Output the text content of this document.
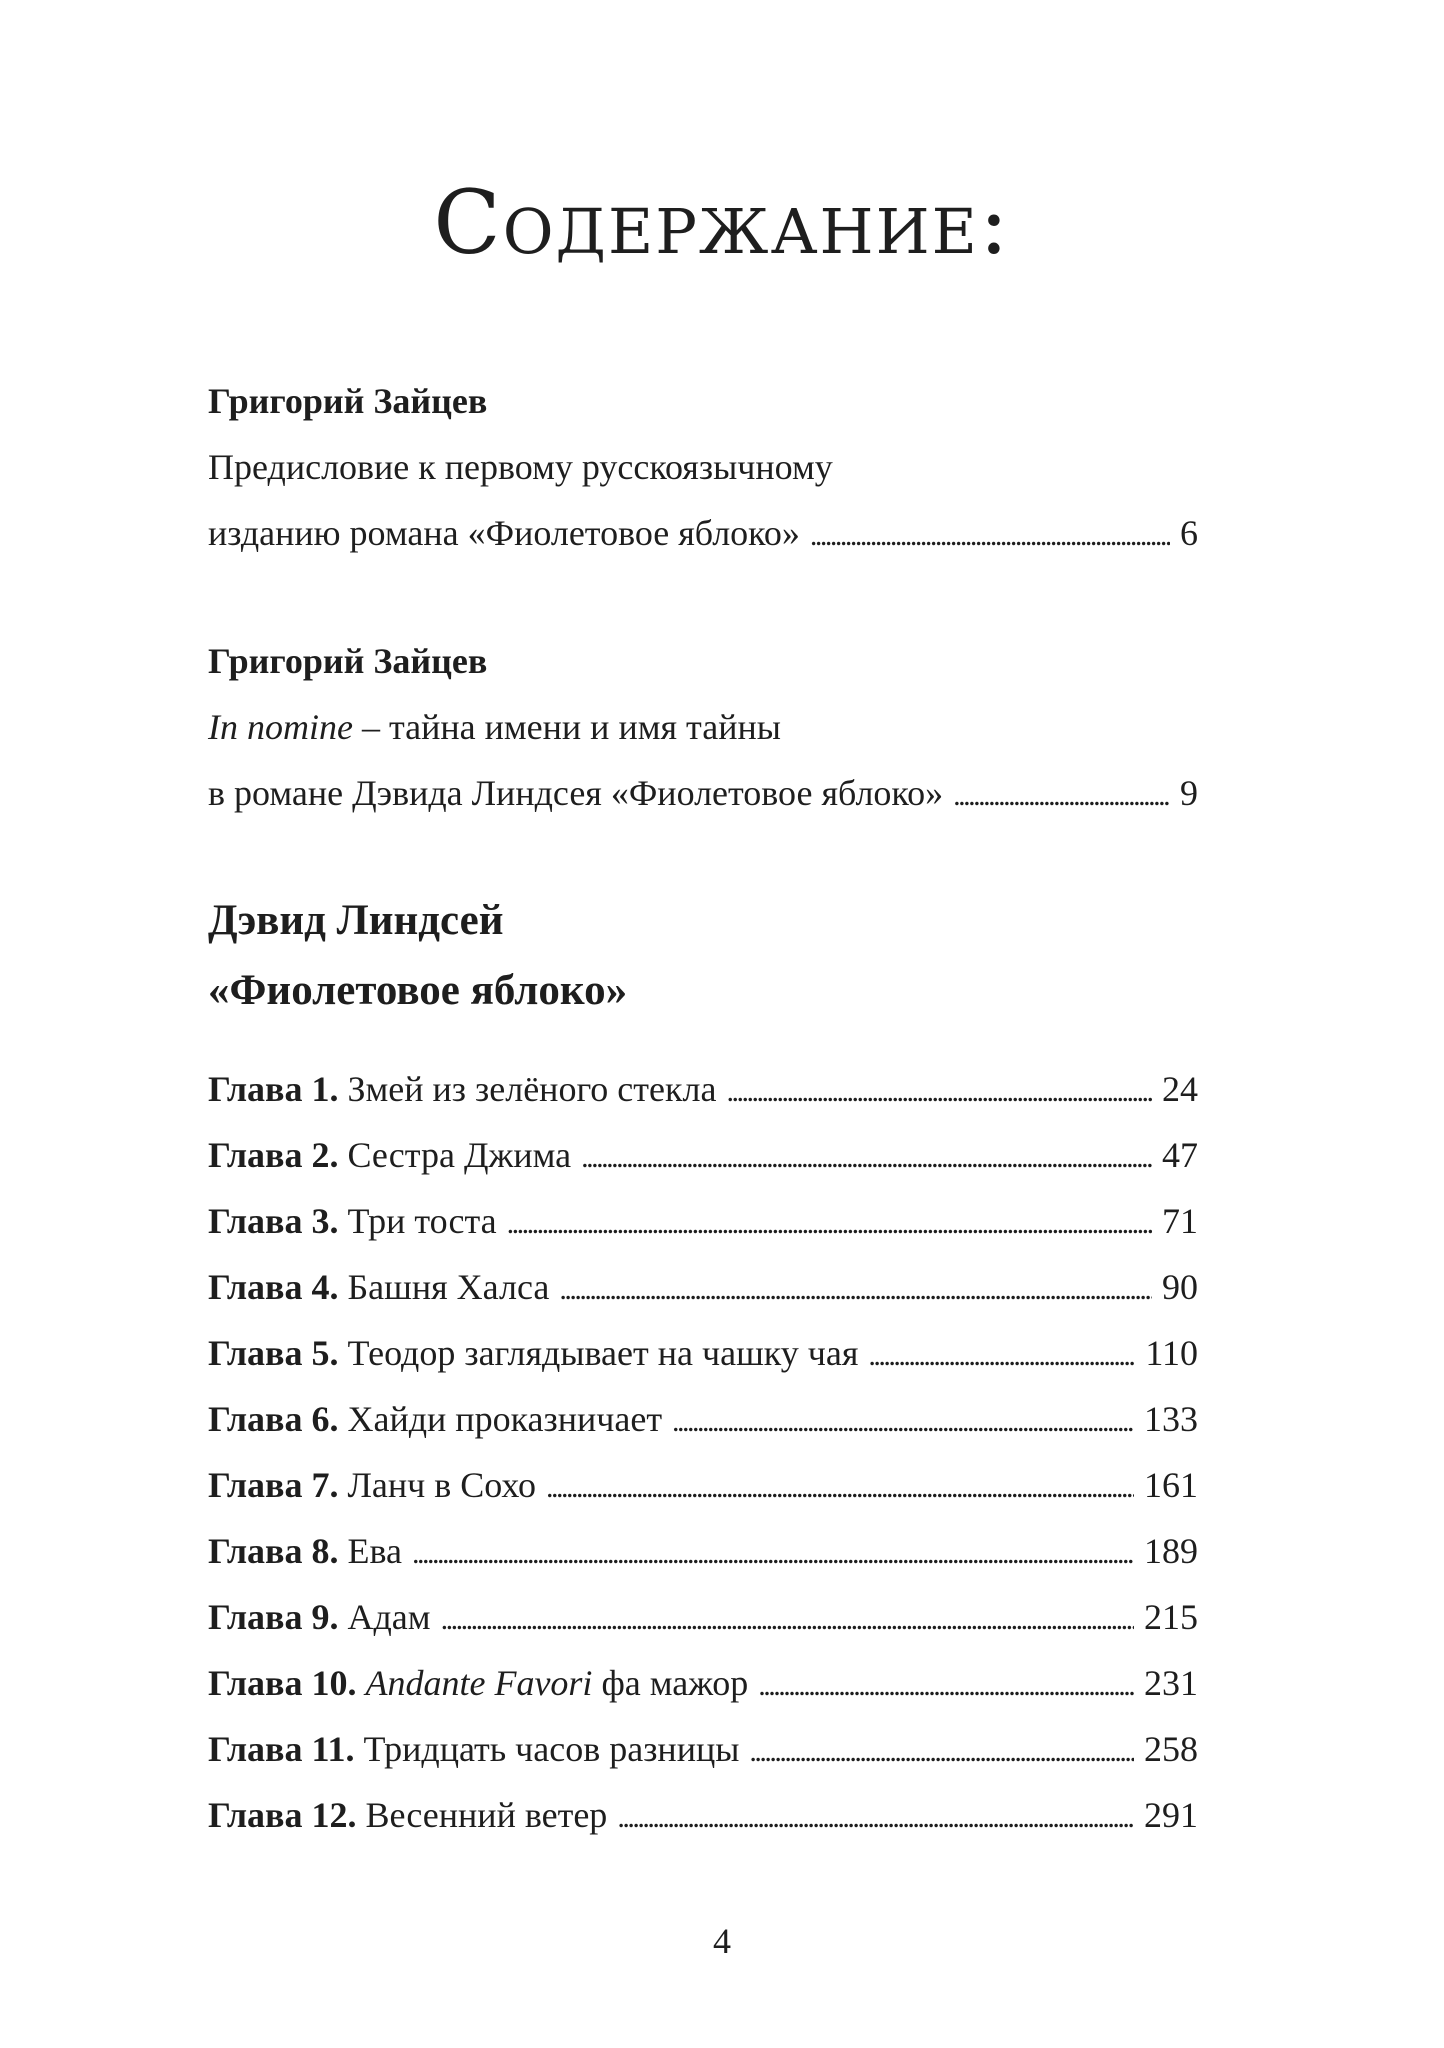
Содержание:
Григорий Зайцев
Предисловие к первому русскоязычному
изданию романа «Фиолетовое яблоко» . . .	6
Григорий Зайцев
In nomine – тайна имени и имя тайны
в романе Дэвида Линдсея «Фиолетовое яблоко» . . .	9
Дэвид Линдсей
«Фиолетовое яблоко»
Глава 1. Змей из зелёного стекла . . .	24
Глава 2. Сестра Джима . . .	47
Глава 3. Три тоста . . .	71
Глава 4. Башня Халса . . .	90
Глава 5. Теодор заглядывает на чашку чая . . .	110
Глава 6. Хайди проказничает . . .	133
Глава 7. Ланч в Сохо . . .	161
Глава 8. Ева . . .	189
Глава 9. Адам . . .	215
Глава 10. Andante Favori фа мажор . . .	231
Глава 11. Тридцать часов разницы . . .	258
Глава 12. Весенний ветер . . .	291
4
